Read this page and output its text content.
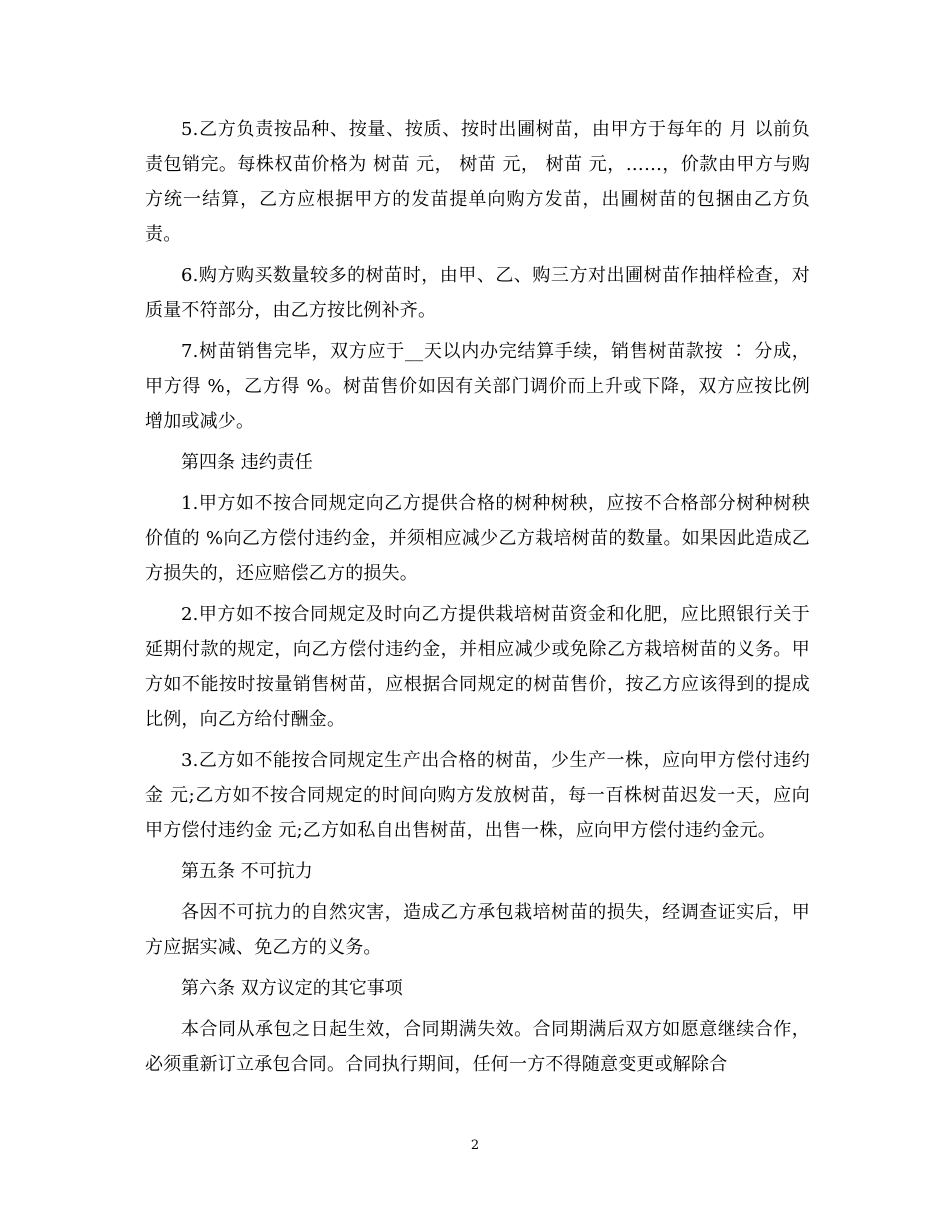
5.乙方负责按品种、按量、按质、按时出圃树苗，由甲方于每年的 月 以前负责包销完。每株权苗价格为 树苗 元， 树苗 元， 树苗 元，……，价款由甲方与购方统一结算，乙方应根据甲方的发苗提单向购方发苗，出圃树苗的包捆由乙方负责。

6.购方购买数量较多的树苗时，由甲、乙、购三方对出圃树苗作抽样检查，对质量不符部分，由乙方按比例补齐。

7.树苗销售完毕，双方应于__天以内办完结算手续，销售树苗款按 ∶ 分成，甲方得 %，乙方得 %。树苗售价如因有关部门调价而上升或下降，双方应按比例增加或减少。

第四条 违约责任

1.甲方如不按合同规定向乙方提供合格的树种树秧，应按不合格部分树种树秧价值的 %向乙方偿付违约金，并须相应减少乙方栽培树苗的数量。如果因此造成乙方损失的，还应赔偿乙方的损失。

2.甲方如不按合同规定及时向乙方提供栽培树苗资金和化肥，应比照银行关于延期付款的规定，向乙方偿付违约金，并相应减少或免除乙方栽培树苗的义务。甲方如不能按时按量销售树苗，应根据合同规定的树苗售价，按乙方应该得到的提成比例，向乙方给付酬金。

3.乙方如不能按合同规定生产出合格的树苗，少生产一株，应向甲方偿付违约金 元;乙方如不按合同规定的时间向购方发放树苗，每一百株树苗迟发一天，应向甲方偿付违约金 元;乙方如私自出售树苗，出售一株，应向甲方偿付违约金元。

第五条 不可抗力

各因不可抗力的自然灾害，造成乙方承包栽培树苗的损失，经调查证实后，甲方应据实减、免乙方的义务。

第六条 双方议定的其它事项

本合同从承包之日起生效，合同期满失效。合同期满后双方如愿意继续合作，必须重新订立承包合同。合同执行期间，任何一方不得随意变更或解除合

2
